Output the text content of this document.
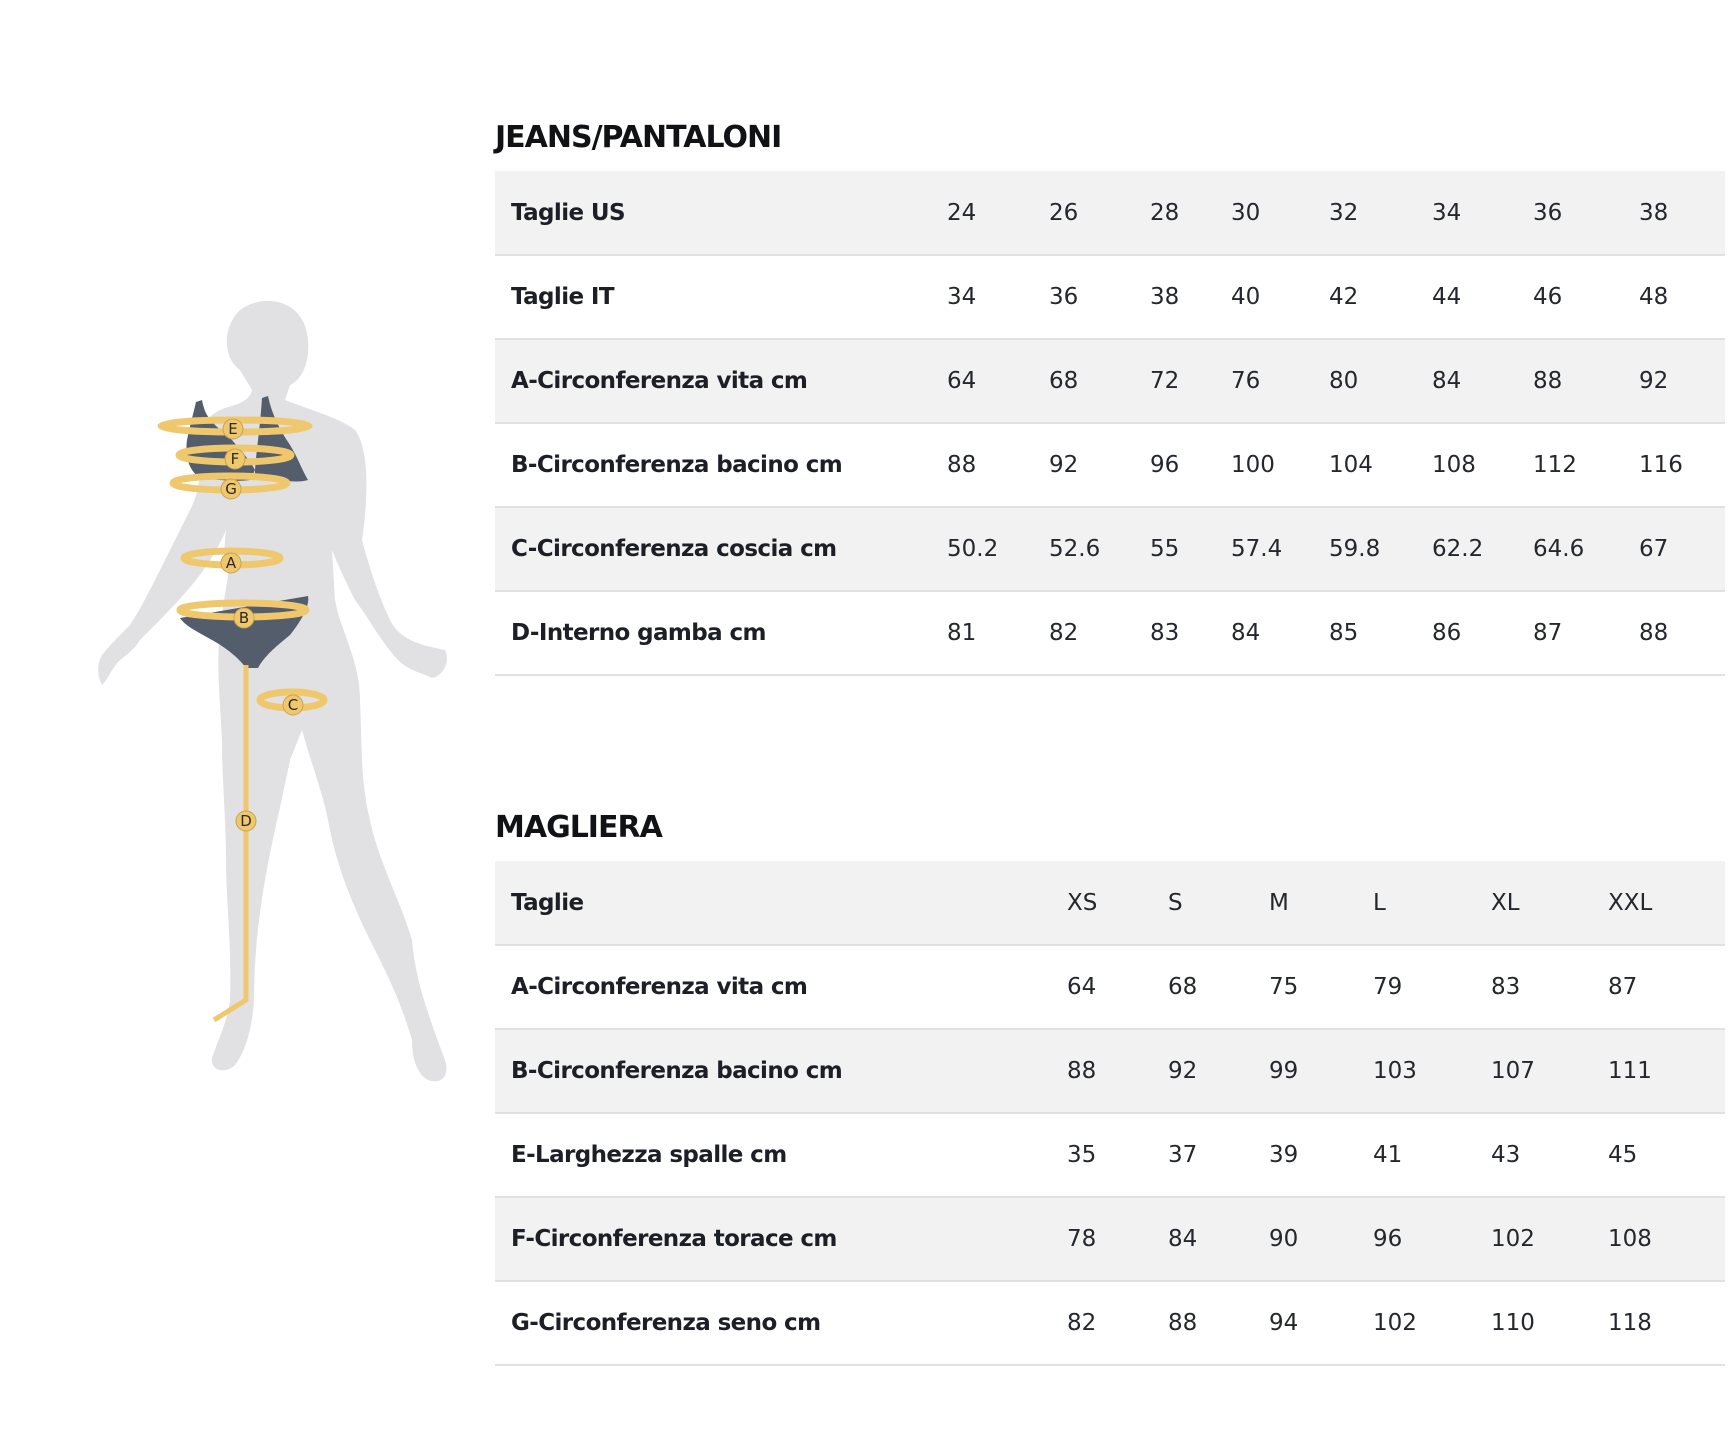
E
F
G
A
B
C
D
JEANS/PANTALONI
Taglie US	24	26	28	30	32	34	36	38
Taglie IT	34	36	38	40	42	44	46	48
A-Circonferenza vita cm	64	68	72	76	80	84	88	92
B-Circonferenza bacino cm	88	92	96	100	104	108	112	116
C-Circonferenza coscia cm	50.2	52.6	55	57.4	59.8	62.2	64.6	67
D-Interno gamba cm	81	82	83	84	85	86	87	88
MAGLIERA
Taglie	XS	S	M	L	XL	XXL
A-Circonferenza vita cm	64	68	75	79	83	87
B-Circonferenza bacino cm	88	92	99	103	107	111
E-Larghezza spalle cm	35	37	39	41	43	45
F-Circonferenza torace cm	78	84	90	96	102	108
G-Circonferenza seno cm	82	88	94	102	110	118
